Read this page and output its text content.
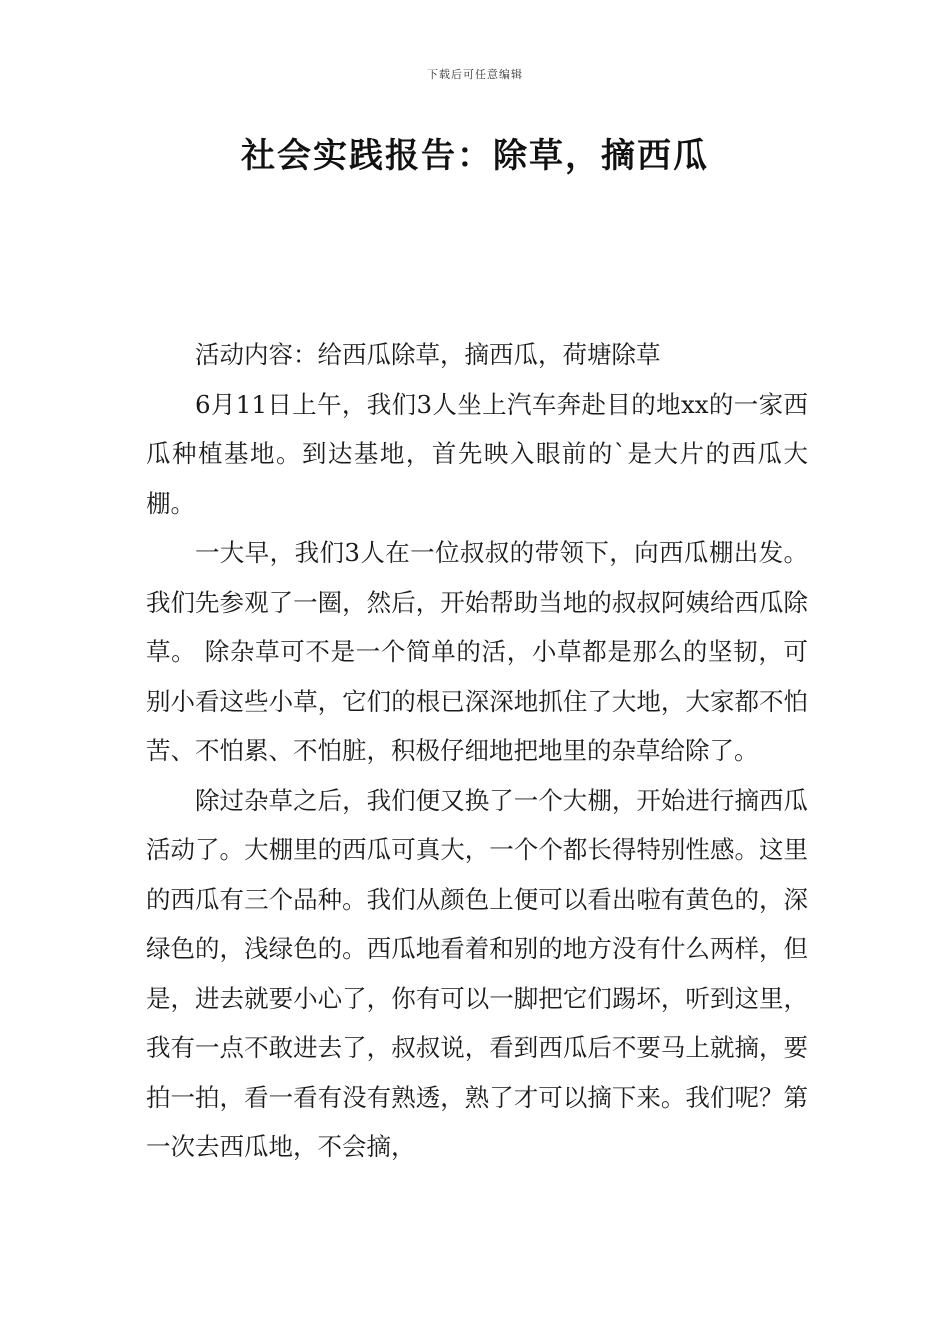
下载后可任意编辑
社会实践报告：除草，摘西瓜

活动内容：给西瓜除草，摘西瓜，荷塘除草

6月11日上午，我们3人坐上汽车奔赴目的地xx的一家西瓜种植基地。到达基地，首先映入眼前的`是大片的西瓜大棚。

一大早，我们3人在一位叔叔的带领下，向西瓜棚出发。我们先参观了一圈，然后，开始帮助当地的叔叔阿姨给西瓜除草。 除杂草可不是一个简单的活，小草都是那么的坚韧，可别小看这些小草，它们的根已深深地抓住了大地，大家都不怕苦、不怕累、不怕脏，积极仔细地把地里的杂草给除了。

除过杂草之后，我们便又换了一个大棚，开始进行摘西瓜活动了。大棚里的西瓜可真大，一个个都长得特别性感。这里的西瓜有三个品种。我们从颜色上便可以看出啦有黄色的，深绿色的，浅绿色的。西瓜地看着和别的地方没有什么两样，但是，进去就要小心了，你有可以一脚把它们踢坏，听到这里，我有一点不敢进去了，叔叔说，看到西瓜后不要马上就摘，要拍一拍，看一看有没有熟透，熟了才可以摘下来。我们呢？第一次去西瓜地，不会摘，
